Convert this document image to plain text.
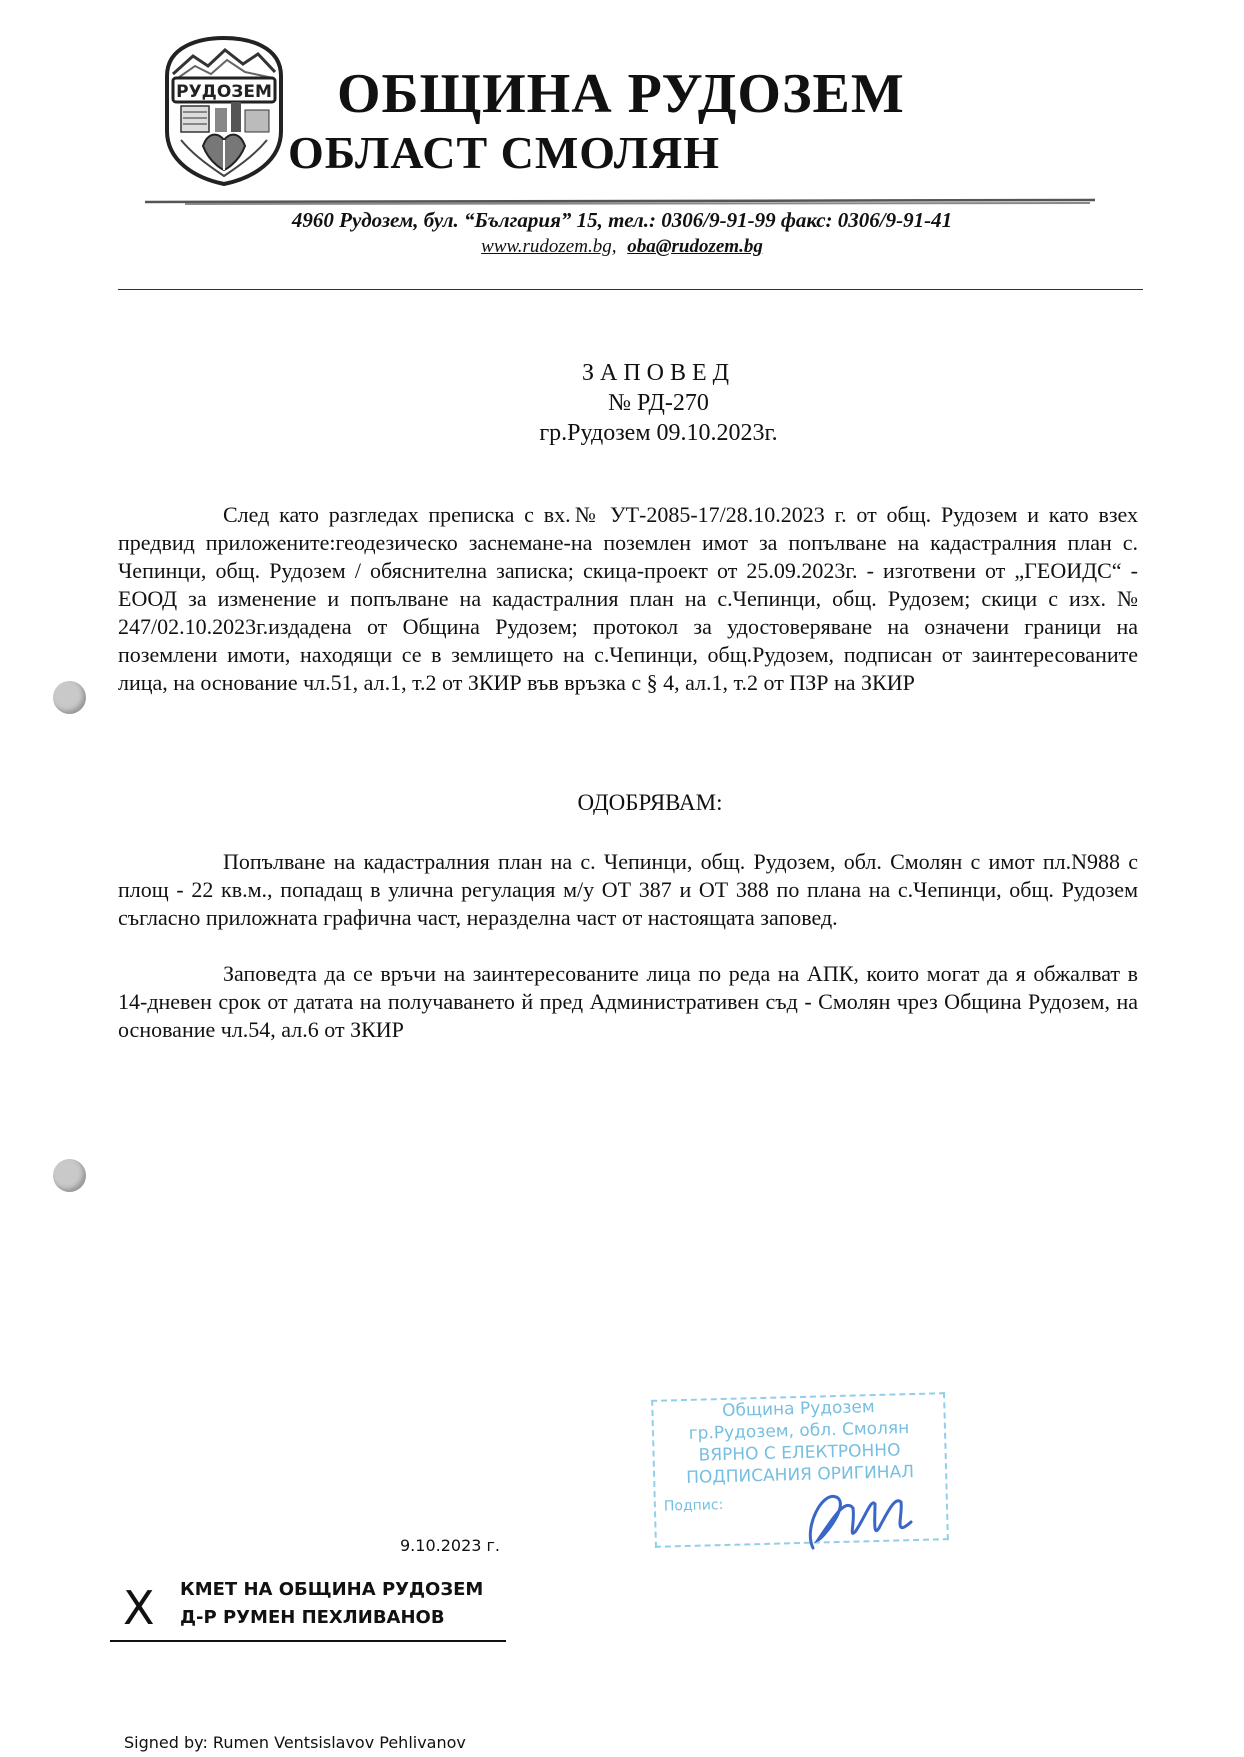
РУДОЗЕМ ОБЩИНА РУДОЗЕМ
ОБЛАСТ СМОЛЯН
4960 Рудозем, бул. “България” 15, тел.: 0306/9-91-99 факс: 0306/9-91-41
www.rudozem.bg, oba@rudozem.bg
ЗАПОВЕД
№ РД-270
гр.Рудозем 09.10.2023г.
След като разгледах преписка с вх.№ УТ-2085-17/28.10.2023 г. от общ. Рудозем и като взех предвид приложените:геодезическо заснемане-на поземлен имот за попълване на кадастралния план с. Чепинци, общ. Рудозем / обяснителна записка; скица-проект от 25.09.2023г. - изготвени от „ГЕОИДС“ - ЕООД за изменение и попълване на кадастралния план на с.Чепинци, общ. Рудозем; скици с изх. № 247/02.10.2023г.издадена от Община Рудозем; протокол за удостоверяване на означени граници на поземлени имоти, находящи се в землището на с.Чепинци, общ.Рудозем, подписан от заинтересованите лица, на основание чл.51, ал.1, т.2 от ЗКИР във връзка с § 4, ал.1, т.2 от ПЗР на ЗКИР
ОДОБРЯВАМ:
Попълване на кадастралния план на с. Чепинци, общ. Рудозем, обл. Смолян с имот пл.N988 с площ - 22 кв.м., попадащ в улична регулация м/у ОТ 387 и ОТ 388 по плана на с.Чепинци, общ. Рудозем съгласно приложната графична част, неразделна част от настоящата заповед.
Заповедта да се връчи на заинтересованите лица по реда на АПК, които могат да я обжалват в 14-дневен срок от датата на получаването й пред Административен съд - Смолян чрез Община Рудозем, на основание чл.54, ал.6 от ЗКИР
Община Рудозем
гр.Рудозем, обл. Смолян
ВЯРНО С ЕЛЕКТРОННО
ПОДПИСАНИЯ ОРИГИНАЛ
Подпис:
9.10.2023 г.
X КМЕТ НА ОБЩИНА РУДОЗЕМ
Д-Р РУМЕН ПЕХЛИВАНОВ
Signed by: Rumen Ventsislavov Pehlivanov
